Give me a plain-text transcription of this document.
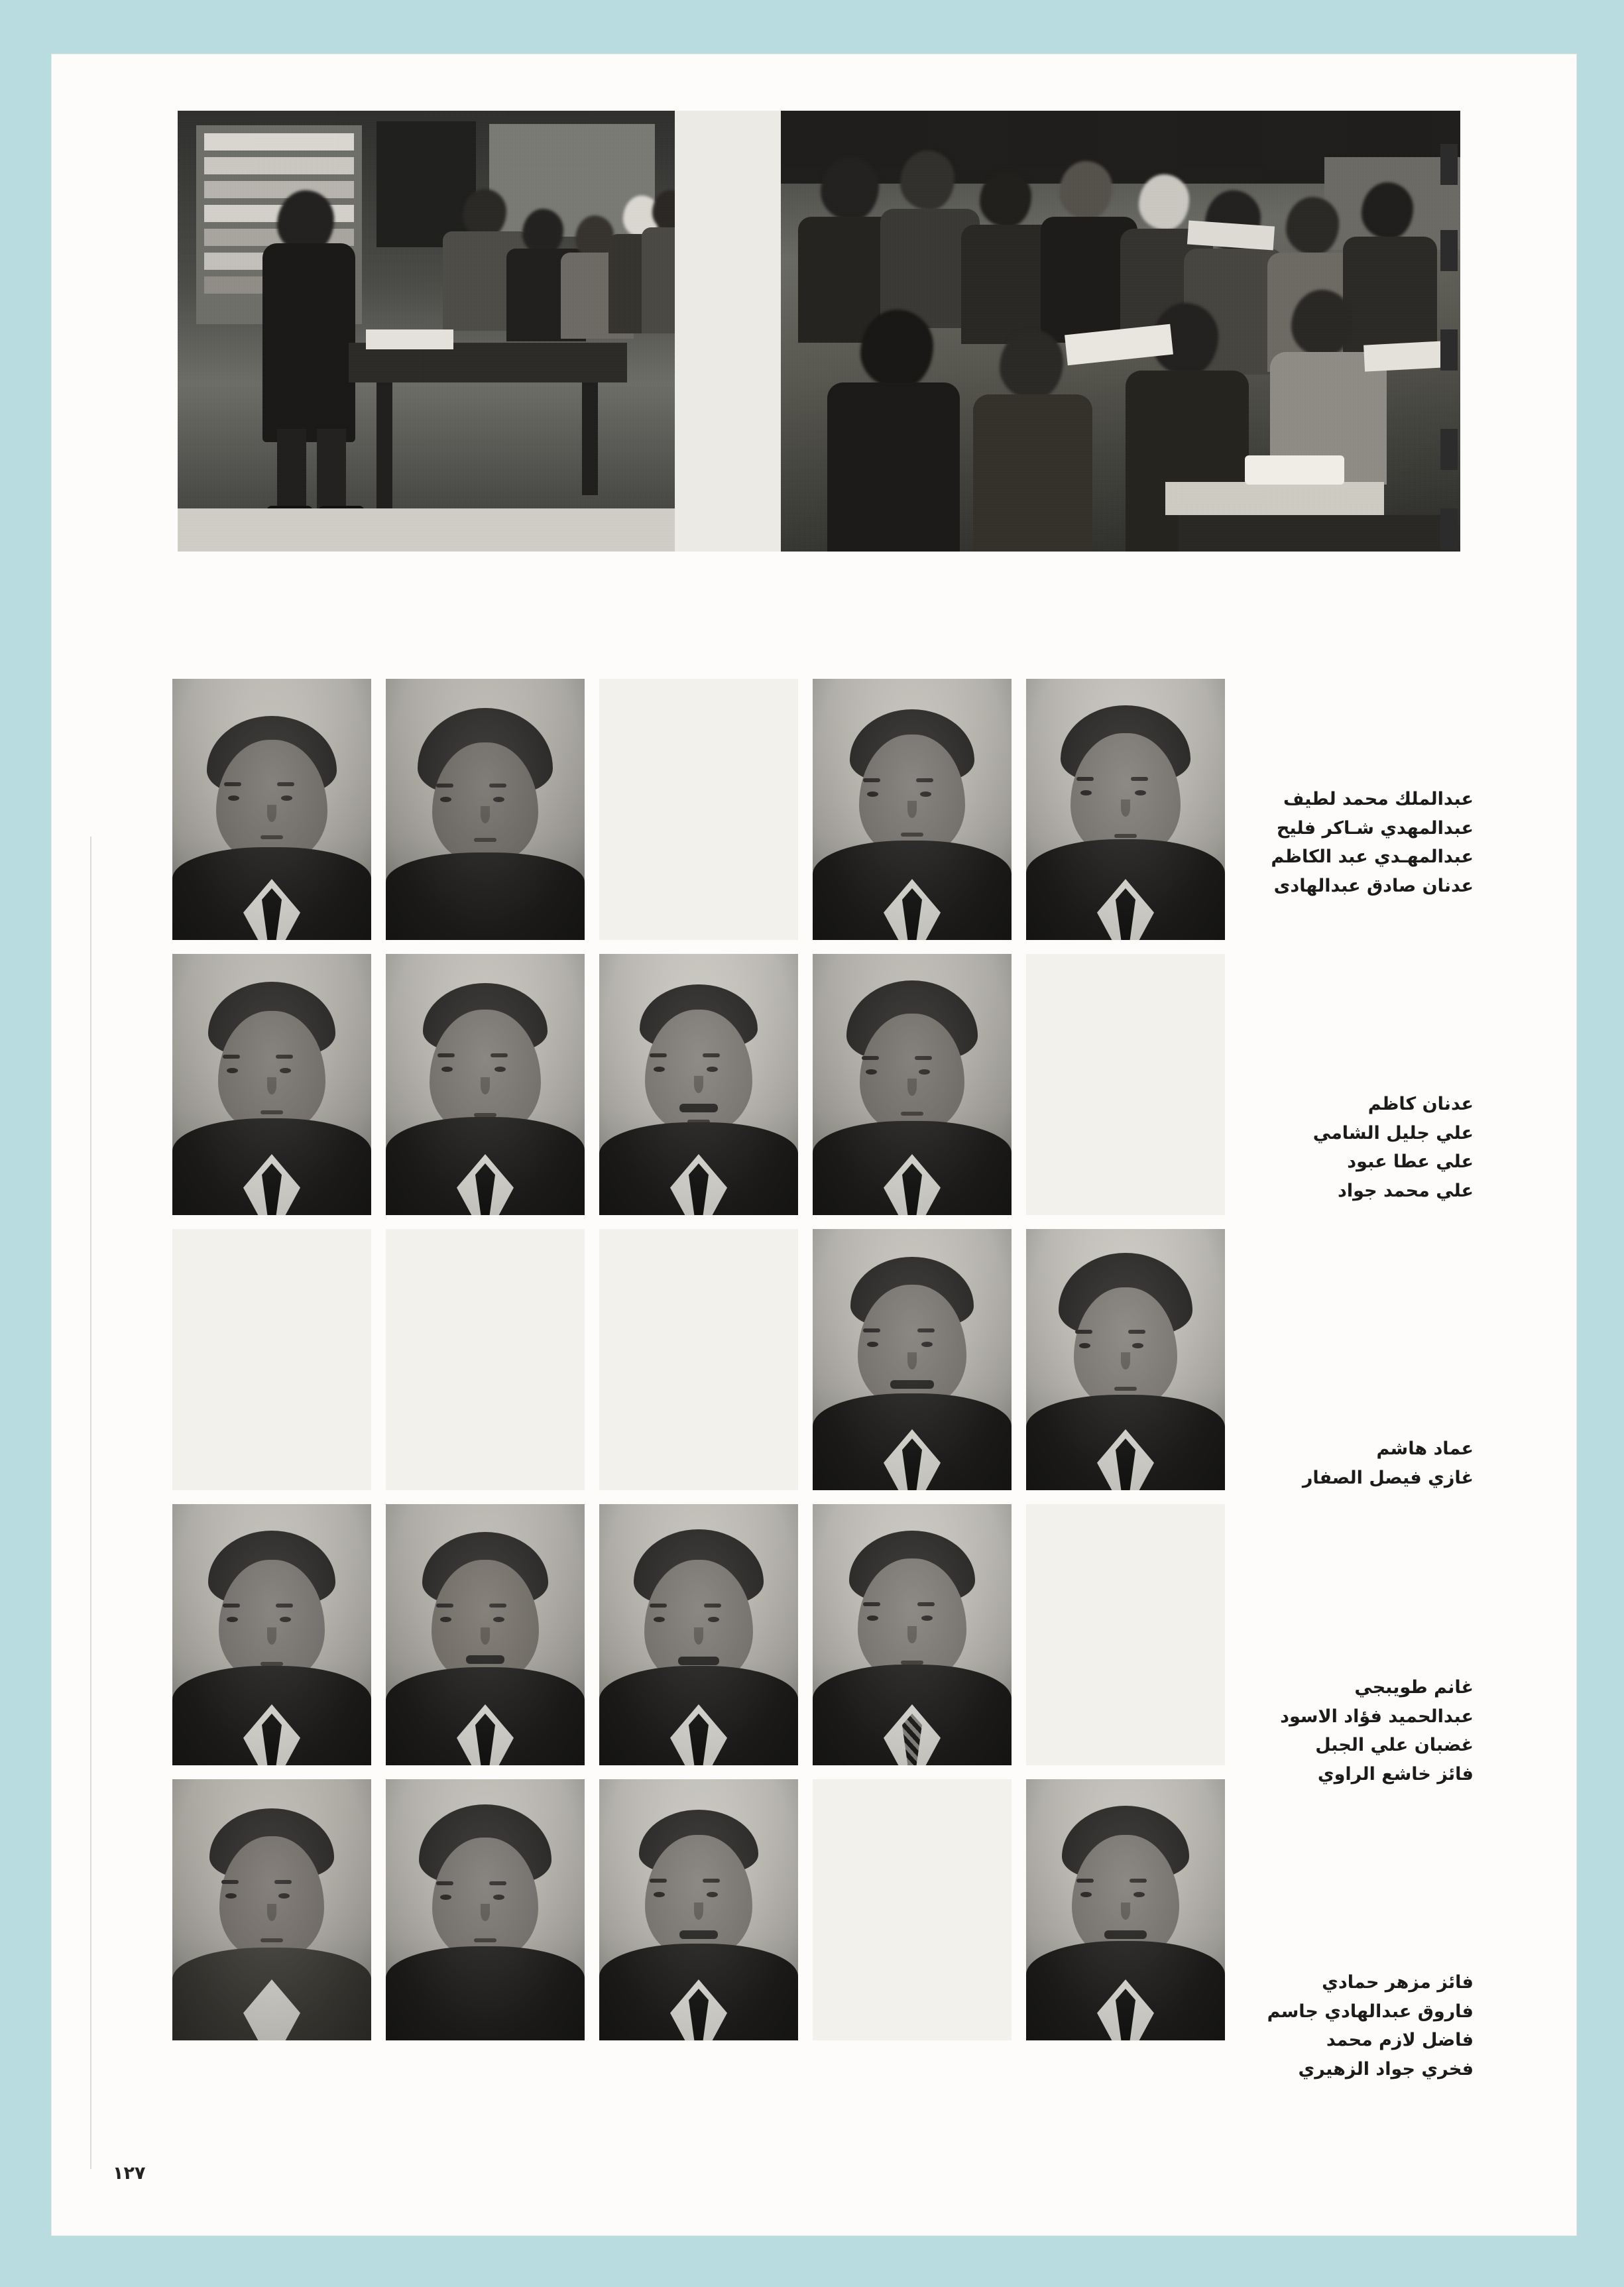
عبدالملك محمد لطيف
عبدالمهدي شـاكر فليح
عبدالمهـدي عبد الكاظم
عدنان صادق عبدالهادى
عدنان كاظم
علي جليل الشامي
علي عطا عبود
علي محمد جواد
عماد هاشم
غازي فيصل الصفار
غانم طويبجي
عبدالحميد فؤاد الاسود
غضبان علي الجبل
فائز خاشع الراوي
فائز مزهر حمادي
فاروق عبدالهادي جاسم
فاضل لازم محمد
فخري جواد الزهيري
١٢٧
